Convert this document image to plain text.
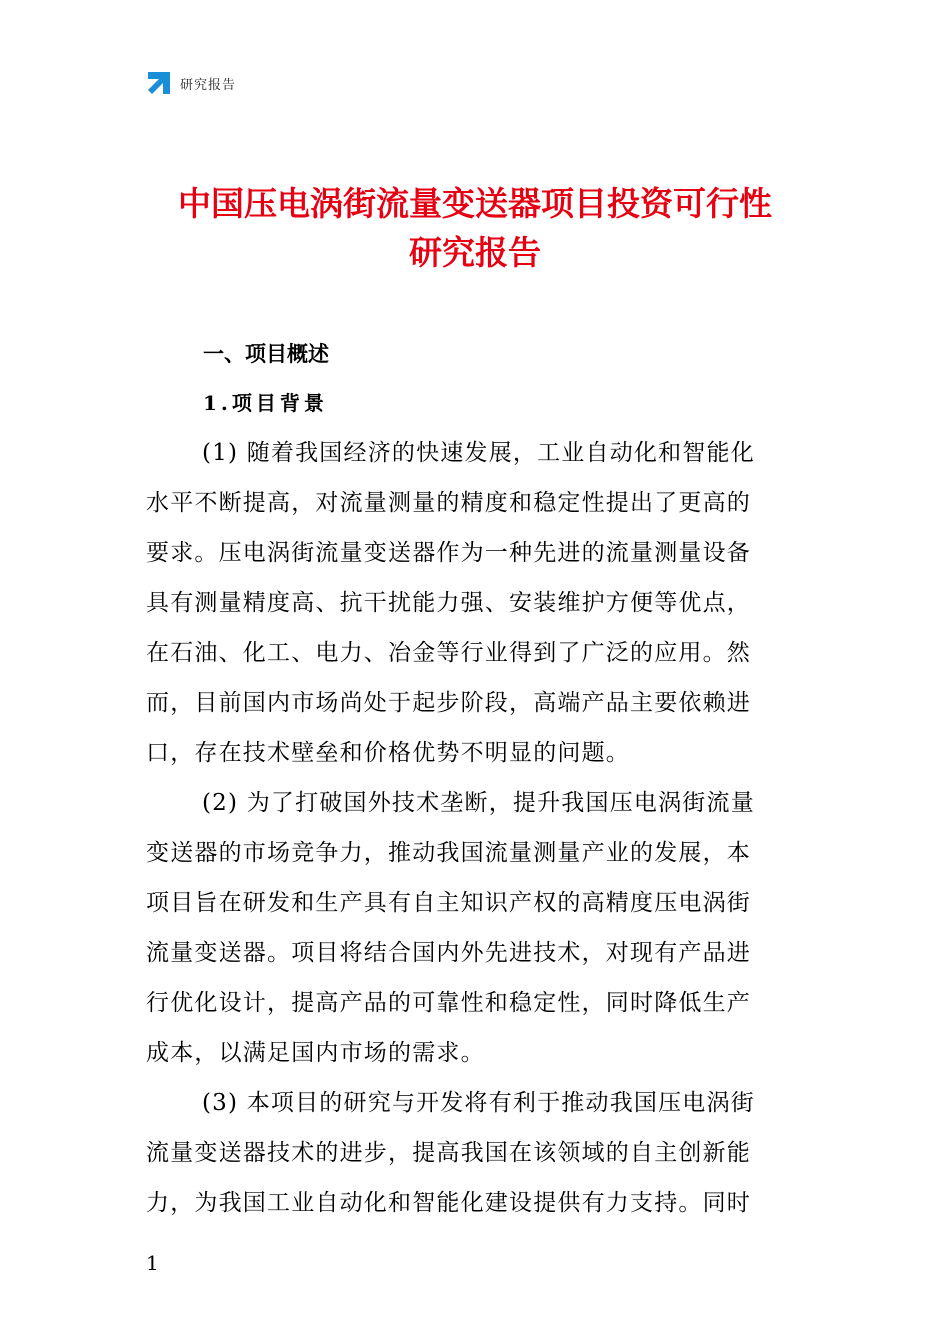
研究报告
中国压电涡街流量变送器项目投资可行性
研究报告
一、项目概述
1.项目背景

(1) 随着我国经济的快速发展，工业自动化和智能化
水平不断提高，对流量测量的精度和稳定性提出了更高的
要求。压电涡街流量变送器作为一种先进的流量测量设备
具有测量精度高、抗干扰能力强、安装维护方便等优点，
在石油、化工、电力、冶金等行业得到了广泛的应用。然
而，目前国内市场尚处于起步阶段，高端产品主要依赖进
口，存在技术壁垒和价格优势不明显的问题。

(2) 为了打破国外技术垄断，提升我国压电涡街流量
变送器的市场竞争力，推动我国流量测量产业的发展，本
项目旨在研发和生产具有自主知识产权的高精度压电涡街
流量变送器。项目将结合国内外先进技术，对现有产品进
行优化设计，提高产品的可靠性和稳定性，同时降低生产
成本，以满足国内市场的需求。

(3) 本项目的研究与开发将有利于推动我国压电涡街
流量变送器技术的进步，提高我国在该领域的自主创新能
力，为我国工业自动化和智能化建设提供有力支持。同时

1
